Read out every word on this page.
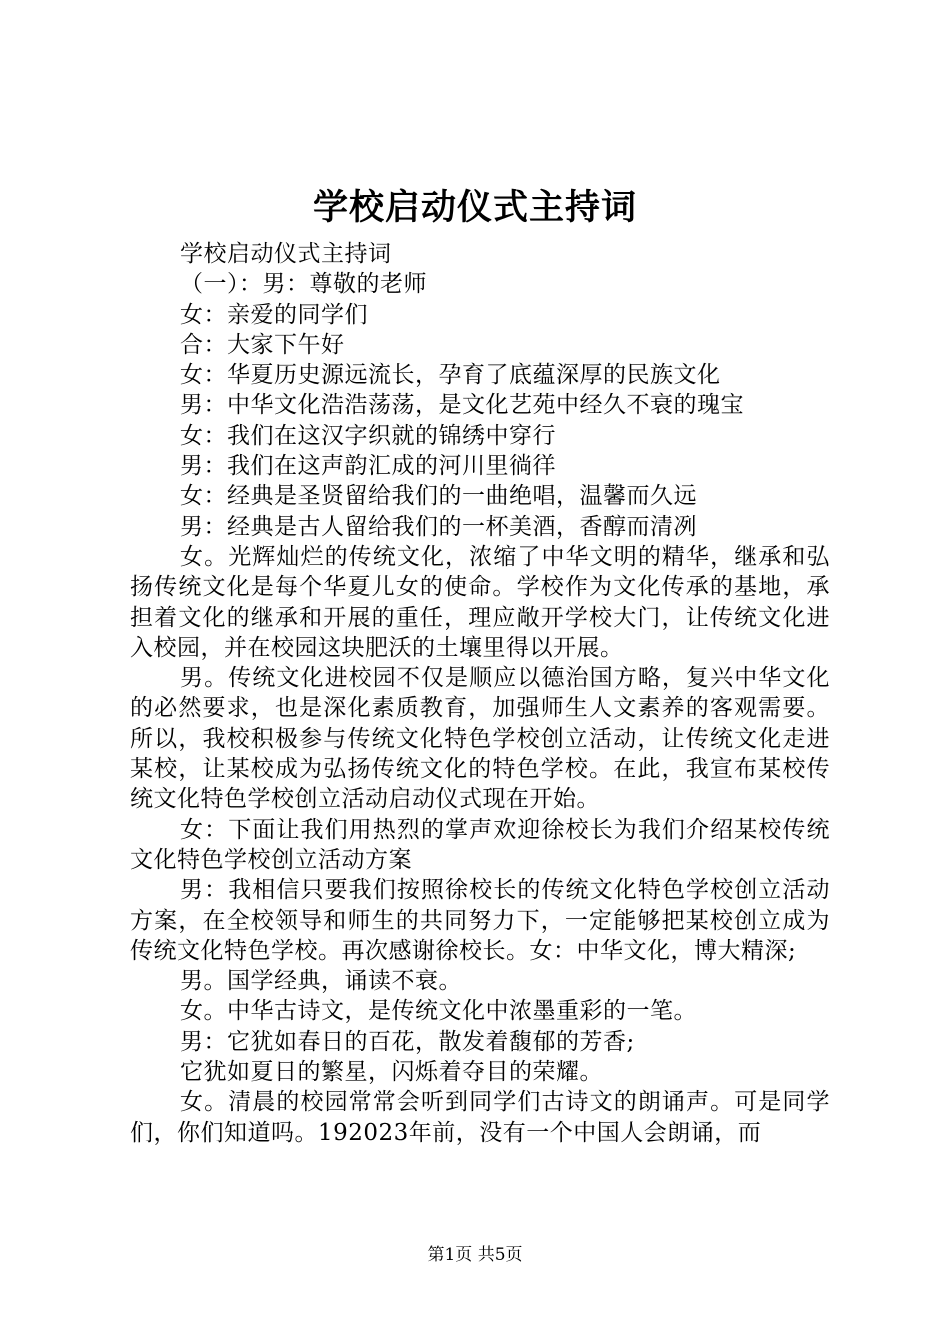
学校启动仪式主持词

学校启动仪式主持词

（一）：男：尊敬的老师

女：亲爱的同学们

合：大家下午好

女：华夏历史源远流长，孕育了底蕴深厚的民族文化

男：中华文化浩浩荡荡，是文化艺苑中经久不衰的瑰宝

女：我们在这汉字织就的锦绣中穿行

男：我们在这声韵汇成的河川里徜徉

女：经典是圣贤留给我们的一曲绝唱，温馨而久远

男：经典是古人留给我们的一杯美酒，香醇而清冽

女。光辉灿烂的传统文化，浓缩了中华文明的精华，继承和弘扬传统文化是每个华夏儿女的使命。学校作为文化传承的基地，承担着文化的继承和开展的重任，理应敞开学校大门，让传统文化进入校园，并在校园这块肥沃的土壤里得以开展。

男。传统文化进校园不仅是顺应以德治国方略，复兴中华文化的必然要求，也是深化素质教育，加强师生人文素养的客观需要。所以，我校积极参与传统文化特色学校创立活动，让传统文化走进某校，让某校成为弘扬传统文化的特色学校。在此，我宣布某校传统文化特色学校创立活动启动仪式现在开始。

女：下面让我们用热烈的掌声欢迎徐校长为我们介绍某校传统文化特色学校创立活动方案

男：我相信只要我们按照徐校长的传统文化特色学校创立活动方案，在全校领导和师生的共同努力下，一定能够把某校创立成为传统文化特色学校。再次感谢徐校长。女：中华文化，博大精深;

男。国学经典，诵读不衰。

女。中华古诗文，是传统文化中浓墨重彩的一笔。

男：它犹如春日的百花，散发着馥郁的芳香;

它犹如夏日的繁星，闪烁着夺目的荣耀。

女。清晨的校园常常会听到同学们古诗文的朗诵声。可是同学们，你们知道吗。192023年前，没有一个中国人会朗诵，而

第1页 共5页
